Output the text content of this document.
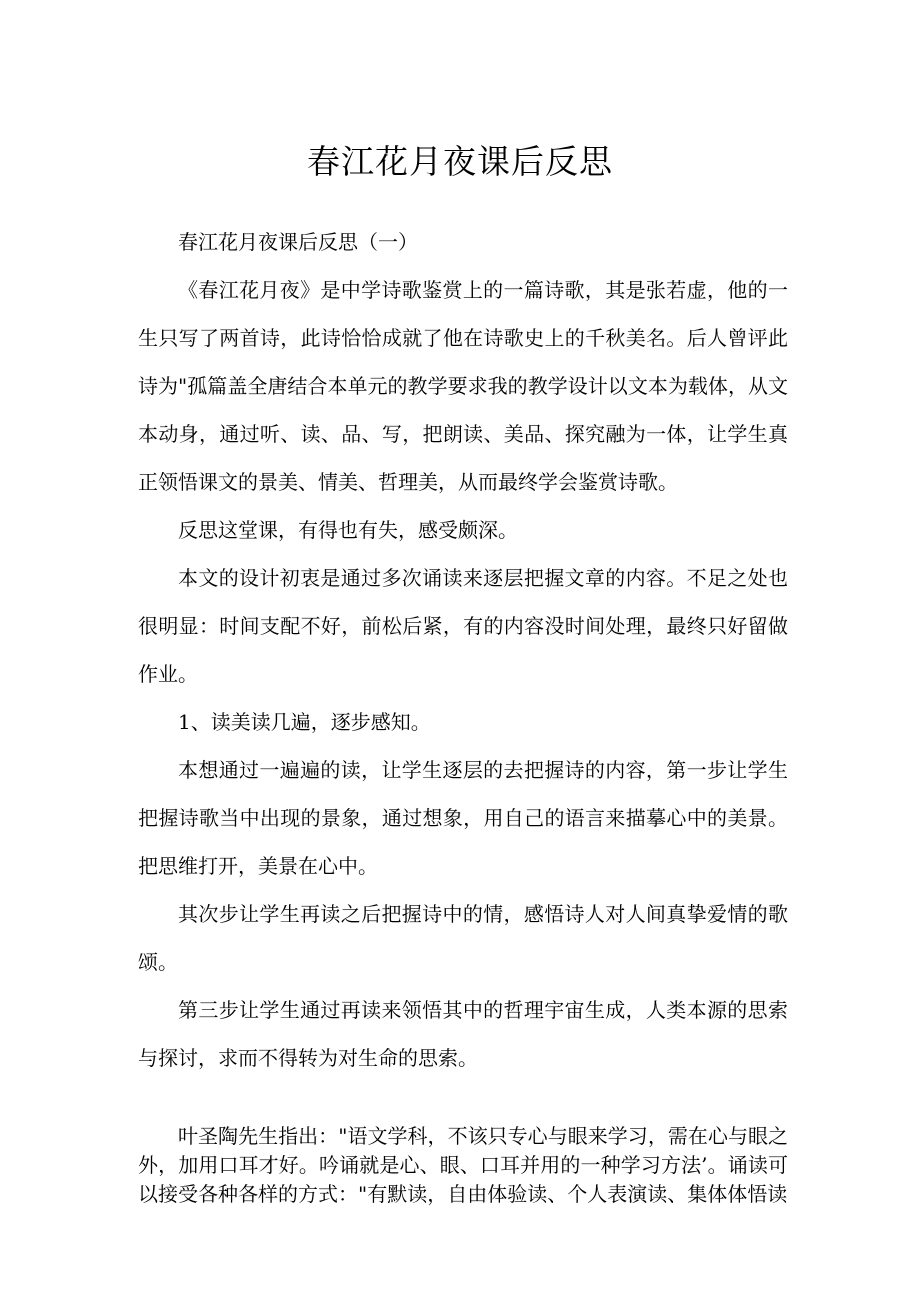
春江花月夜课后反思

春江花月夜课后反思（一）

《春江花月夜》是中学诗歌鉴赏上的一篇诗歌，其是张若虚，他的一生只写了两首诗，此诗恰恰成就了他在诗歌史上的千秋美名。后人曾评此诗为"孤篇盖全唐结合本单元的教学要求我的教学设计以文本为载体，从文本动身，通过听、读、品、写，把朗读、美品、探究融为一体，让学生真正领悟课文的景美、情美、哲理美，从而最终学会鉴赏诗歌。

反思这堂课，有得也有失，感受颇深。

本文的设计初衷是通过多次诵读来逐层把握文章的内容。不足之处也很明显：时间支配不好，前松后紧，有的内容没时间处理，最终只好留做作业。

1、读美读几遍，逐步感知。

本想通过一遍遍的读，让学生逐层的去把握诗的内容，第一步让学生把握诗歌当中出现的景象，通过想象，用自己的语言来描摹心中的美景。把思维打开，美景在心中。

其次步让学生再读之后把握诗中的情，感悟诗人对人间真挚爱情的歌颂。

第三步让学生通过再读来领悟其中的哲理宇宙生成，人类本源的思索与探讨，求而不得转为对生命的思索。

叶圣陶先生指出："语文学科，不该只专心与眼来学习，需在心与眼之外，加用口耳才好。吟诵就是心、眼、口耳并用的一种学习方法’。诵读可以接受各种各样的方式："有默读，自由体验读、个人表演读、集体体悟读
